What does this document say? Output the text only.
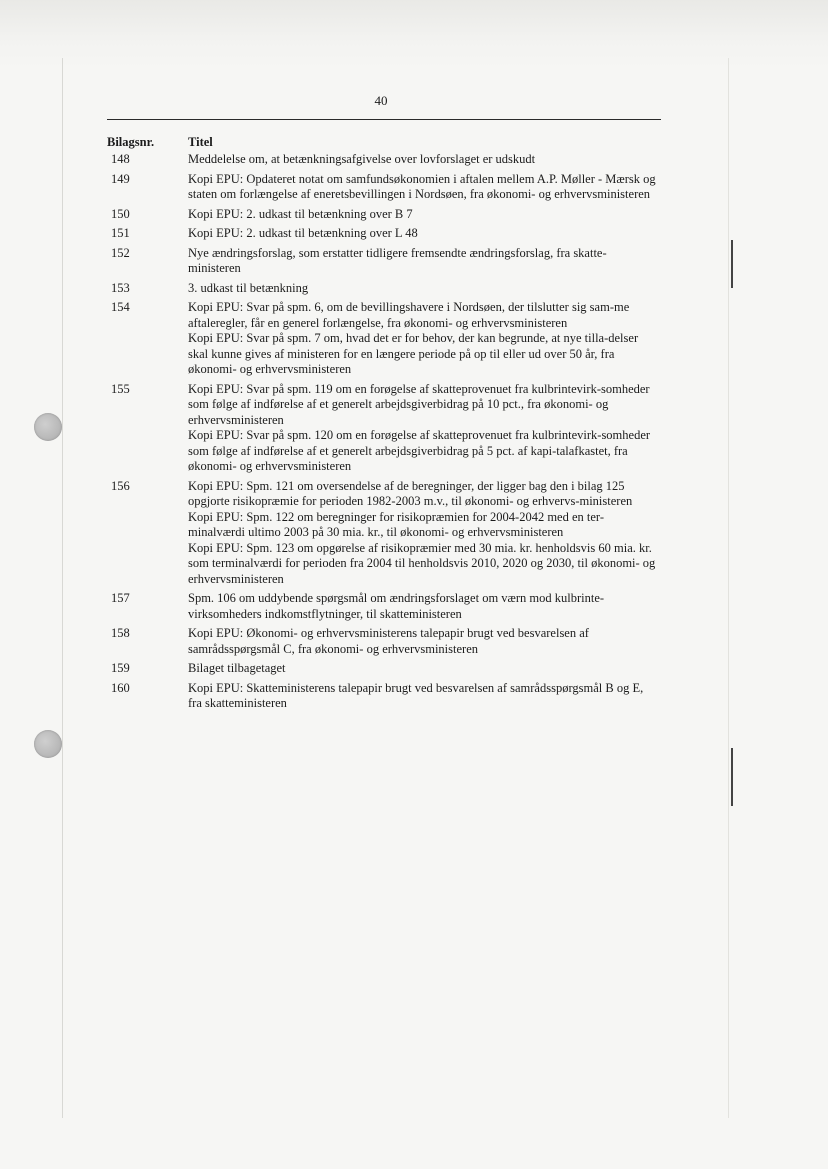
40
Bilagsnr.	Titel
148	Meddelelse om, at betænkningsafgivelse over lovforslaget er udskudt
149	Kopi EPU: Opdateret notat om samfundsøkonomien i aftalen mellem A.P. Møller - Mærsk og staten om forlængelse af eneretsbevillingen i Nordsøen, fra økonomi- og erhvervsministeren
150	Kopi EPU: 2. udkast til betænkning over B 7
151	Kopi EPU: 2. udkast til betænkning over L 48
152	Nye ændringsforslag, som erstatter tidligere fremsendte ændringsforslag, fra skatte-ministeren
153	3. udkast til betænkning
154	Kopi EPU: Svar på spm. 6, om de bevillingshavere i Nordsøen, der tilslutter sig sam-me aftaleregler, får en generel forlængelse, fra økonomi- og erhvervsministeren
Kopi EPU: Svar på spm. 7 om, hvad det er for behov, der kan begrunde, at nye tilla-delser skal kunne gives af ministeren for en længere periode på op til eller ud over 50 år, fra økonomi- og erhvervsministeren
155	Kopi EPU: Svar på spm. 119 om en forøgelse af skatteprovenuet fra kulbrintevirk-somheder som følge af indførelse af et generelt arbejdsgiverbidrag på 10 pct., fra økonomi- og erhvervsministeren
Kopi EPU: Svar på spm. 120 om en forøgelse af skatteprovenuet fra kulbrintevirk-somheder som følge af indførelse af et generelt arbejdsgiverbidrag på 5 pct. af kapi-talafkastet, fra økonomi- og erhvervsministeren
156	Kopi EPU: Spm. 121 om oversendelse af de beregninger, der ligger bag den i bilag 125 opgjorte risikopræmie for perioden 1982-2003 m.v., til økonomi- og erhvervs-ministeren
Kopi EPU: Spm. 122 om beregninger for risikopræmien for 2004-2042 med en ter-minalværdi ultimo 2003 på 30 mia. kr., til økonomi- og erhvervsministeren
Kopi EPU: Spm. 123 om opgørelse af risikopræmier med 30 mia. kr. henholdsvis 60 mia. kr. som terminalværdi for perioden fra 2004 til henholdsvis 2010, 2020 og 2030, til økonomi- og erhvervsministeren
157	Spm. 106 om uddybende spørgsmål om ændringsforslaget om værn mod kulbrinte-virksomheders indkomstflytninger, til skatteministeren
158	Kopi EPU: Økonomi- og erhvervsministerens talepapir brugt ved besvarelsen af samrådsspørgsmål C, fra økonomi- og erhvervsministeren
159	Bilaget tilbagetaget
160	Kopi EPU: Skatteministerens talepapir brugt ved besvarelsen af samrådsspørgsmål B og E, fra skatteministeren
